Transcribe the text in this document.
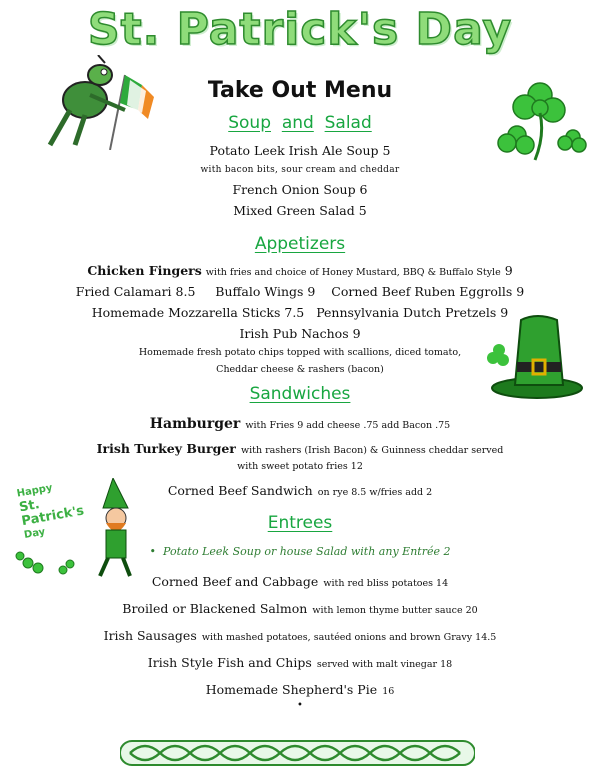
St. Patrick's Day
Take Out Menu
Soup and Salad
Potato Leek Irish Ale Soup 5
with bacon bits, sour cream and cheddar
French Onion Soup 6
Mixed Green Salad 5
Appetizers
Chicken Fingers with fries and choice of Honey Mustard, BBQ & Buffalo Style 9
Fried Calamari 8.5 Buffalo Wings 9 Corned Beef Ruben Eggrolls 9
Homemade Mozzarella Sticks 7.5 Pennsylvania Dutch Pretzels 9
Irish Pub Nachos 9
Homemade fresh potato chips topped with scallions, diced tomato,
Cheddar cheese & rashers (bacon)
Sandwiches
Hamburger with Fries 9 add cheese .75 add Bacon .75
Irish Turkey Burger with rashers (Irish Bacon) & Guinness cheddar served
with sweet potato fries 12
Corned Beef Sandwich on rye 8.5 w/fries add 2
Happy
St. Patrick's
Day
Entrees
•  Potato Leek Soup or house Salad with any Entrée 2
Corned Beef and Cabbage with red bliss potatoes 14
Broiled or Blackened Salmon with lemon thyme butter sauce 20
Irish Sausages with mashed potatoes, sautéed onions and brown Gravy 14.5
Irish Style Fish and Chips served with malt vinegar 18
Homemade Shepherd's Pie 16
•
